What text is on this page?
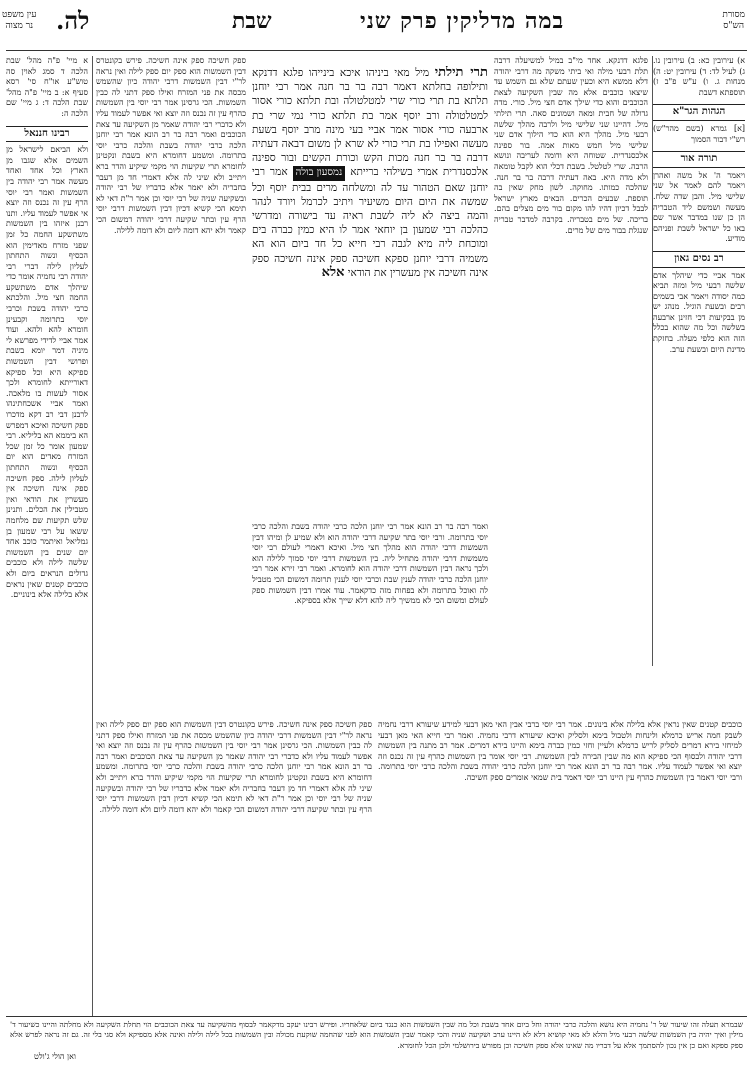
מסורת
הש"ס
במה מדליקין פרק שני
שבת
לה.
עין משפט
נר מצוה

א) עירובין כא: ב) עירובין נו. ג) לעיל לד: ד) עירובין יט: ה) מנחות ג. ו) ע"ש פ"ב ז) תוספתא דשבת

הגהות הגר"א

[א] גמרא (בשם מהר"ש) רש"י דבור הסמוך

תורה אור

ויאמר ה' אל משה ואהרן ויאמר להם לאמר אל שני שלישי מיל. והבן שדה שלח. מעשה ושמשם ליד הטבריה הן כן שנו במדבר אשר שם באו כל ישראל לשבת ופניהם מודיע.

רב נסים גאון

אמר אביי כדי שיהלך אדם שלשה רבעי מיל ומזה תביא כמה יסודה ויאמר אבי בשמים רבים ובשעת הוגיל. מנהג יש מן בבקיעות דכי חזינן ארבעה בשלשה וכל מה שהוא בכלל הזה הוא כלפי מעלה. בחזקת מדינת היום ובשעת ערב.

פלגא דדנקא. אחד מי"ב במיל למשיעלה דרבה תלת רבעי מילה ואי ביתי משקה מה דרבי יהודה דלא ממשא היא וכעין שעתם שלא גם השמש עד שיצאו כוכבים אלא מה שבין השקיעה לצאת הכוכבים והוא כדי שילך אדם חצי מיל. כורי. מדה גדולה של חבית ומאה ושמונים סאה. תרי תילתי מיל. דהיינו שני שלישי מיל ולרבה מהלך שלשה רבעי מיל. מהלך היא הוא כדי הילוך אדם שני שלישי מיל חמש מאות אמה. בור ספינה אלכסנדרית. שטוחה היא ודומה לעריבה ונושא הרבה. שרי לטלטל. בשבת דכלי הוא לקבל טומאה ולא מדה היא. באה דעתיה דרבה בר בר חנה. שהלכה כמותו. מחוקה. לשון מחק שאין בה תוספת. שבעים הכרים. הבאים מארץ ישראל לבבל דכיון דהיו להו מקום בור מים מצלים בהם. בריכה. של מים בטבריה. בקרבה למדבר טבריה שנגלת בבור מים של מרים.

תרי תילתי מיל מאי ביניהו איכא בינייהו פלגא דדנקא ותילופה בחלתא דאמר רבה בר בר חנה אמר רבי יוחנן תלתא בת תרי כורי שרי למטלטולה ובת תלתא כורי אסור למטלטולה ורב יוסף אמר בת תלתא כורי נמי שרי בת ארבעה כורי אסור אמר אביי בעי מינה מרב יוסף בשעת מעשה ואפילו בת תרי כורי לא שרא לן משום דבאה דעתיה דרבה בר בר חנה מכות הקש וכורת הקשים ובור ספינה אלכסנדרית אמרי בשילהי ברייתא נמסעון בולה אמר רבי יוחנן שאם הטהור עד לה ומשלחה מרים בבית יוסף וכל שמשה את היום היום משיעיר ויתיב לכרמל ויורד לנהר והמה ביצה לא ליה לשבת ראיה עד בישורה ומדרשי כהלכה רבי שמעון בן יוחאי אמר לו היא כמין כברה בים ומוכחת ליה מיא לגבה רבי חייא כל חד ביום הוא הא משמיה דרבי יוחנן ספקא חשיכה ספק אינה חשיכה ספק אינה חשיכה אין מעשרין את הודאי אלא

ספק חשיכה ספק אינה חשיכה. פירש בקונטרס דבין השמשות הוא ספק יום ספק לילה ואין נראה לר"י דבין השמשות דרבי יהודה כיון שהשמש מכסה את פני המזרח ואילו ספק דתני לה כבין השמשות. הכי גרסינן אמר רבי יוסי בין השמשות כהרף עין זה נכנס וזה יוצא ואי אפשר לעמוד עליו ולא כדברי רבי יהודה שאמר מן השקיעה עד צאת הכוכבים ואמר רבה בר רב הונא אמר רבי יוחנן הלכה כרבי יהודה בשבת והלכה כרבי יוסי בתרומה. ומשמע דחומרא היא בשבת ונקטינן לחומרא תרי שקיעות הוי מקמי שיקיע והדר ברא ויתייב ולא שיני לה אלא דאמרי חד מן דעבר בחבריה ולא יאמר אלא כדבריו של רבי יהודה ובשקיעה שניה של רבי יוסי וכן אמר ר"ת דאי לא תימא הכי קשיא דכיון דבין השמשות דרבי יוסי הרף עין ובתר שקיעה דרבי יהודה דמשום הכי קאמר ולא יהא דומה ליום ולא דומה ללילה.

א מיי' פ"ה מהל' שבת הלכה ד סמג לאוין סה טוש"ע או"ח סי' רסא סעיף א: ב מיי' פ"ה מהל' שבת הלכה ד: ג מיי' שם הלכה ה:

רבינו חננאל

ולא הביאם לישראל מן השמים אלא שגבו מן הארץ וכל אחד ואחד מעשה אמר רבי יהודה בין השמשות ואמר רבי יוסי הרף עין זה נכנס וזה יוצא אי אפשר לעמוד עליו. ותנו רבנן איזהו בין השמשות משתשקע החמה כל זמן שפני מזרח מאדימין הוא הכסיף ונשוה התחתון לעליון לילה דברי רבי יהודה רבי נחמיה אומר כדי שיהלך אדם משתשקע החמה חצי מיל. והלכתא כרבי יהודה בשבת וכרבי יוסי בתרומה וקבעינן חומרא להא ולהא. ועוד אמר אביי לדידי מפרשא לי מיניה דמר יומא בשבת ופרושי דבין השמשות ספיקא היא וכל ספיקא דאורייתא לחומרא ולכך אסור לעשות בו מלאכה. ואמר אביי אשכחתינהו לרבנן דבי רב דקא מדכרו ספק חשיכה ואיכא דמפרש הא ביממא הא בליליא. רבי שמעון אומר כל זמן שכל המזרח מאדים הוא יום הכסיף ונשוה התחתון לעליון לילה. ספק חשיכה ספק אינה חשיכה אין מעשרין את הודאי ואין מטבילין את הכלים. ותנינן שלש תקיעות שם מלחמה ששאו על רבי שמעון בן גמליאל ואיתמר כוכב אחד יום שנים בין השמשות שלשה לילה ולא כוכבים גדולים הנראים ביום ולא כוכבים קטנים שאין נראים אלא בלילה אלא בינוניים.

ואמר רבה בר רב הונא אמר רבי יוחנן הלכה כרבי יהודה בשבת והלכה כרבי יוסי בתרומה. ורבי יוסי בתר שקיעה דרבי יהודה הוא ולא שמיע לן ומיהו דבין השמשות דרבי יהודה הוא מהלך חצי מיל. ואיכא דאמרי לעולם רבי יוסי משמשות דרבי יהודה מתחיל ליה. בין השמשות דרבי יוסי סמוך ללילה הוא ולכך נראה דבין השמשות דרבי יהודה הוא לחומרא. ואמר רבי זירא אמר רבי יוחנן הלכה כרבי יהודה לענין שבת וכרבי יוסי לענין תרומה דמשום הכי מטביל לה ואוכל בתרומה ולא בפחות מזה כדקאמר. עוד אמרו דבין השמשות ספק לעולם ומשום הכי לא ממשיך ליה להא דלא שייך אלא בספיקא.

כוכבים קטנים שאין נראין אלא בלילה אלא בינונים. אמר רבי יוסי ברבי אבין האי מאן דבעי למידע שיעורא דרבי נחמיה לשבק חמה אריש כרמלא ולינחות ולטבול בימא ולסליק ואיכא שיעורא דרבי נחמיה. ואמר רבי חייא האי מאן דבעי למיחזי בירא דמרים לסליק לריש כרמלא ולעיין וחזי כמין כברה בימא והיינו בירא דמרים. אמר רב מתנה בין השמשות דרבי יהודה ולבסוף הכי ספיקא הוא מה שבין הבירה לבין השמשות. רבי יוסי אומר בין השמשות כהרף עין זה נכנס וזה יוצא ואי אפשר לעמוד עליו. אמר רבה בר רב הונא אמר רבי יוחנן הלכה כרבי יהודה בשבת והלכה כרבי יוסי בתרומה. ורבי יוסי דאמר בין השמשות כהרף עין היינו רבי יוסי דאמר בית שמאי אומרים ספק חשיכה.

ספק חשיכה ספק אינה חשיכה. פירש בקונטרס דבין השמשות הוא ספק יום ספק לילה ואין נראה לר"י דבין השמשות דרבי יהודה כיון שהשמש מכסה את פני המזרח ואילו ספק דתני לה כבין השמשות. הכי גרסינן אמר רבי יוסי בין השמשות כהרף עין זה נכנס וזה יוצא ואי אפשר לעמוד עליו ולא כדברי רבי יהודה שאמר מן השקיעה עד צאת הכוכבים ואמר רבה בר רב הונא אמר רבי יוחנן הלכה כרבי יהודה בשבת והלכה כרבי יוסי בתרומה. ומשמע דחומרא היא בשבת ונקטינן לחומרא תרי שקיעות הוי מקמי שיקיע והדר ברא ויתייב ולא שיני לה אלא דאמרי חד מן דעבר בחבריה ולא יאמר אלא כדבריו של רבי יהודה ובשקיעה שניה של רבי יוסי וכן אמר ר"ת דאי לא תימא הכי קשיא דכיון דבין השמשות דרבי יוסי הרף עין ובתר שקיעה דרבי יהודה דמשום הכי קאמר ולא יהא דומה ליום ולא דומה ללילה.

שבמרא תעלה זהו שיעור של ר' נחמיה היא נושא והלכה כרבי יהודה וחל ביום אחד בשבת וכל מה שבין השמשות הוא כנגד ביום שלאחריו. ופירש רבינו יעקב מדקאמר לבסוף מהשקיעה עד צאת הכוכבים הוי תחלת השקיעה ולא מחלתה והיינו כשיעור ד' מילין ואיך יהיה בין השמשות שלשה רבעי מיל והלא לא מאי קושיא דלא לא היינו ערב ושקיעה שניה והכי קאמר שבין השמשות הוא לפני שהחמה שוקעת מכולה ובין השמשות בכל לילה ולילה ואינה אלא מספיקא ולא סגי בלי זה. גם זה נראה לפרש אלא ספק ספקא ואם כן אין נכון להסתמך אלא על דבריו מה שאינו אלא ספק חשיכה וכן מפורש בירושלמי ולכן הכל לחומרא.
ואן הולי ג'ולט
